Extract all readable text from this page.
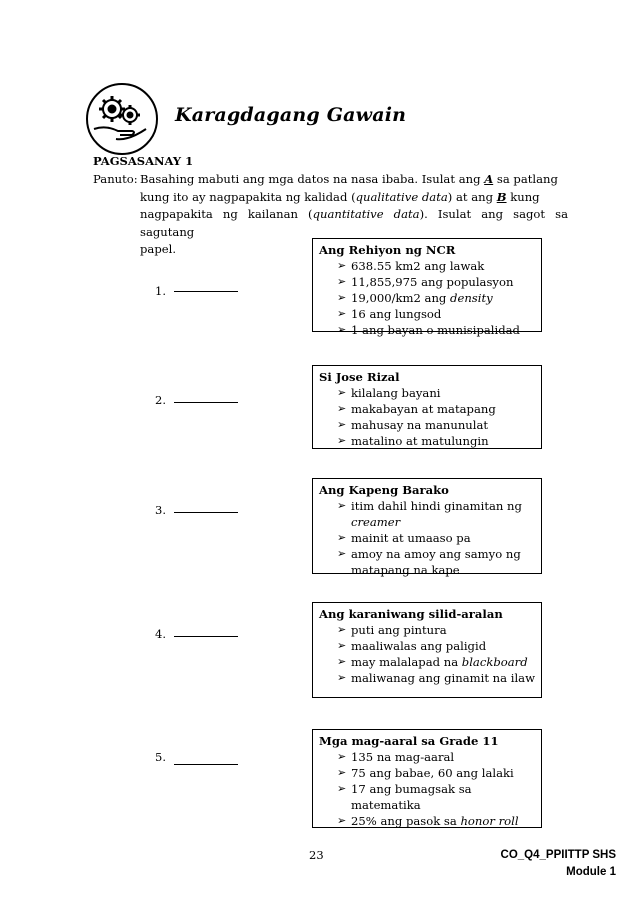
Karagdagang Gawain
PAGSASANAY 1
Panuto: Basahing mabuti ang mga datos na nasa ibaba. Isulat ang A sa patlang
kung ito ay nagpapakita ng kalidad (qualitative data) at ang B kung
nagpapakita ng kailanan (quantitative data). Isulat ang sagot sa sagutang
papel.
1.
Ang Rehiyon ng NCR
➢ 638.55 km2 ang lawak
➢ 11,855,975 ang populasyon
➢ 19,000/km2 ang density
➢ 16 ang lungsod
➢ 1 ang bayan o munisipalidad
2.
Si Jose Rizal
➢ kilalang bayani
➢ makabayan at matapang
➢ mahusay na manunulat
➢ matalino at matulungin
3.
Ang Kapeng Barako
➢ itim dahil hindi ginamitan ng creamer
➢ mainit at umaaso pa
➢ amoy na amoy ang samyo ng matapang na kape
4.
Ang karaniwang silid-aralan
➢ puti ang pintura
➢ maaliwalas ang paligid
➢ may malalapad na blackboard
➢ maliwanag ang ginamit na ilaw
5.
Mga mag-aaral sa Grade 11
➢ 135 na mag-aaral
➢ 75 ang babae, 60 ang lalaki
➢ 17 ang bumagsak sa matematika
➢ 25% ang pasok sa honor roll
23	CO_Q4_PPIITTP SHS
Module 1
